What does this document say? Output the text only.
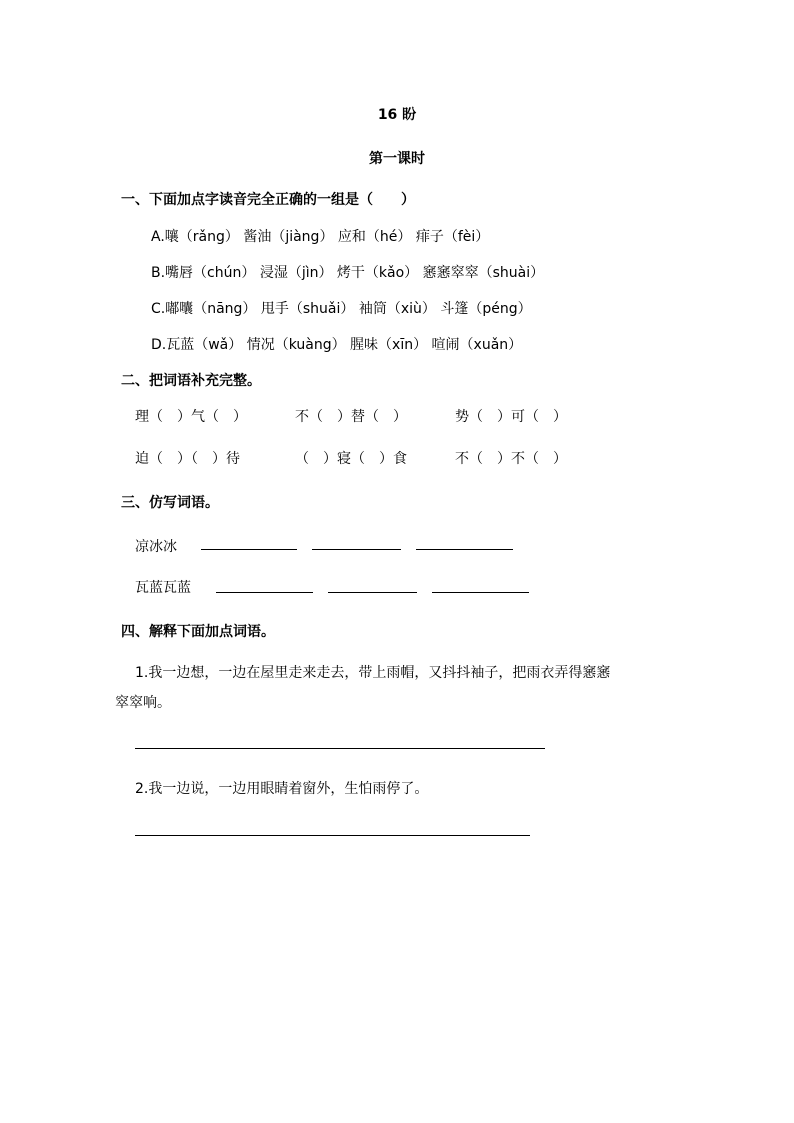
16 盼
第一课时
一、下面加点字读音完全正确的一组是（　　）
A.嚷（rǎng） 酱油（jiàng） 应和（hé） 痱子（fèi）
B.嘴唇（chún） 浸湿（jìn） 烤干（kǎo） 窸窸窣窣（shuài）
C.嘟囔（nāng） 甩手（shuǎi） 袖筒（xiù） 斗篷（péng）
D.瓦蓝（wǎ） 情况（kuàng） 腥味（xīn） 喧闹（xuǎn）
二、把词语补充完整。
理（　）气（　）	不（　）替（　）	势（　）可（　）
迫（　）（　）待	（　）寝（　）食	不（　）不（　）
三、仿写词语。
凉冰冰
瓦蓝瓦蓝
四、解释下面加点词语。
1.我一边想，一边在屋里走来走去，带上雨帽，又抖抖袖子，把雨衣弄得窸窸
窣窣响。
2.我一边说，一边用眼睛着窗外，生怕雨停了。
